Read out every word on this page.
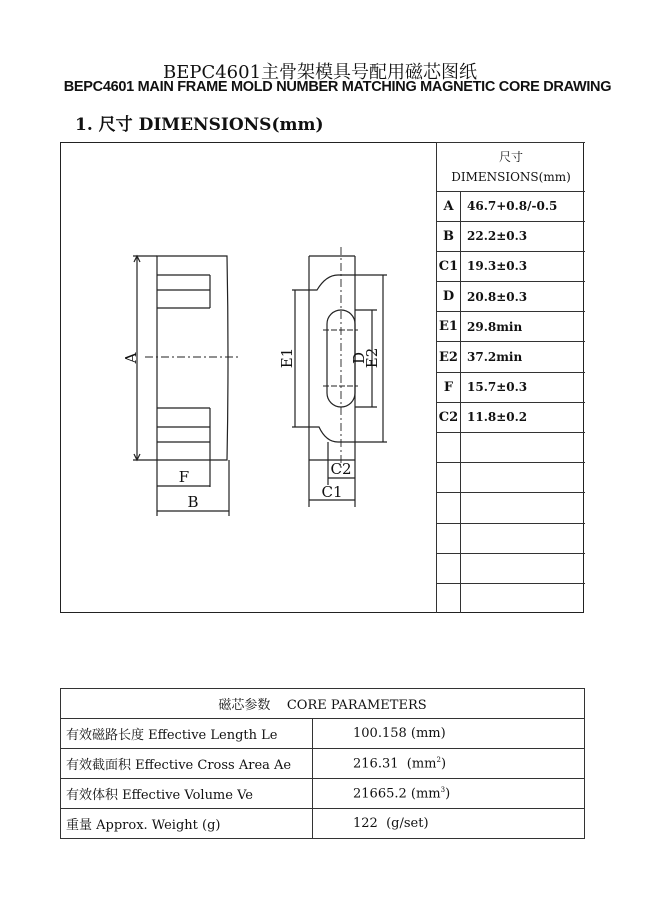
BEPC4601主骨架模具号配用磁芯图纸
BEPC4601 MAIN FRAME MOLD NUMBER MATCHING MAGNETIC CORE DRAWING
1. 尺寸 DIMENSIONS(mm)
尺寸
DIMENSIONS(mm)	
A	46.7+0.8/-0.5
B	22.2±0.3
C1	19.3±0.3
D	20.8±0.3
E1	29.8min
E2	37.2min
F	15.7±0.3
C2	11.8±0.2

A
F
B
E1	D
E2
C2
C1
磁芯参数    CORE PARAMETERS	
有效磁路长度 Effective Length Le	100.158 (mm)
有效截面积 Effective Cross Area Ae	216.31  $(mm^2)$
有效体积 Effective Volume Ve	21665.2 $(mm^3)$
重量 Approx. Weight (g)	122  (g/set)
